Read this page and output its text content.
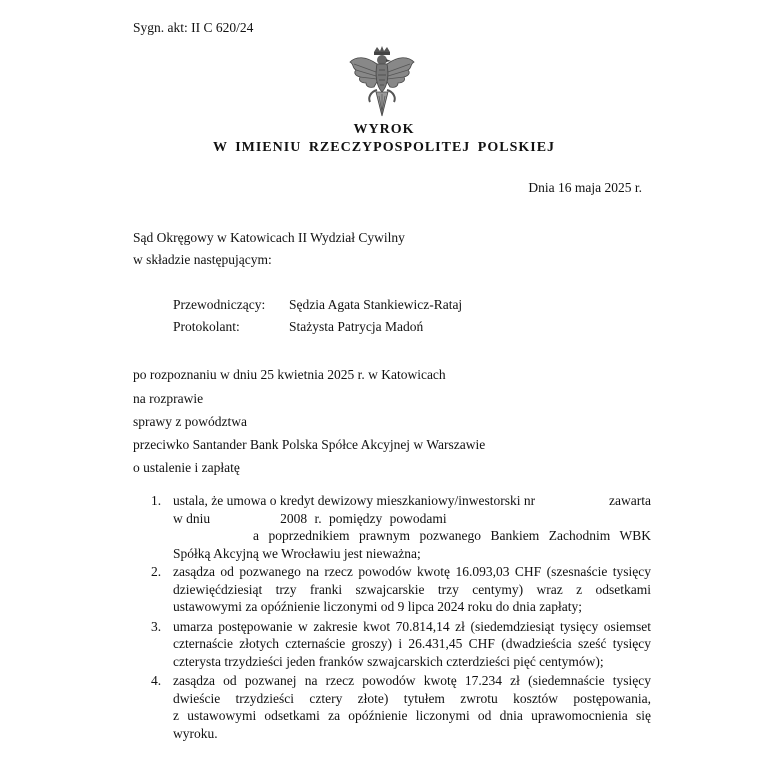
Sygn. akt: II C 620/24
WYROK
W IMIENIU RZECZYPOSPOLITEJ POLSKIEJ
Dnia 16 maja 2025 r.
Sąd Okręgowy w Katowicach II Wydział Cywilny
w składzie następującym:
Przewodniczący: Sędzia Agata Stankiewicz-Rataj
Protokolant:	Stażysta Patrycja Madoń
po rozpoznaniu w dniu 25 kwietnia 2025 r. w Katowicach
na rozprawie
sprawy z powództwa
przeciwko Santander Bank Polska Spółce Akcyjnej w Warszawie
o ustalenie i zapłatę
1. ustala, że umowa o kredyt dewizowy mieszkaniowy/inwestorski nr	zawarta
w dniu	2008 r. pomiędzy powodami
a poprzednikiem prawnym pozwanego Bankiem Zachodnim WBK
Spółką Akcyjną we Wrocławiu jest nieważna;
2. zasądza od pozwanego na rzecz powodów kwotę 16.093,03 CHF (szesnaście tysięcy
dziewięćdziesiąt trzy franki szwajcarskie trzy centymy) wraz z odsetkami
ustawowymi za opóźnienie liczonymi od 9 lipca 2024 roku do dnia zapłaty;
3. umarza postępowanie w zakresie kwot 70.814,14 zł (siedemdziesiąt tysięcy osiemset
czternaście złotych czternaście groszy) i 26.431,45 CHF (dwadzieścia sześć tysięcy
czterysta trzydzieści jeden franków szwajcarskich czterdzieści pięć centymów);
4. zasądza od pozwanej na rzecz powodów kwotę 17.234 zł (siedemnaście tysięcy
dwieście trzydzieści cztery złote) tytułem zwrotu kosztów postępowania,
z ustawowymi odsetkami za opóźnienie liczonymi od dnia uprawomocnienia się
wyroku.
